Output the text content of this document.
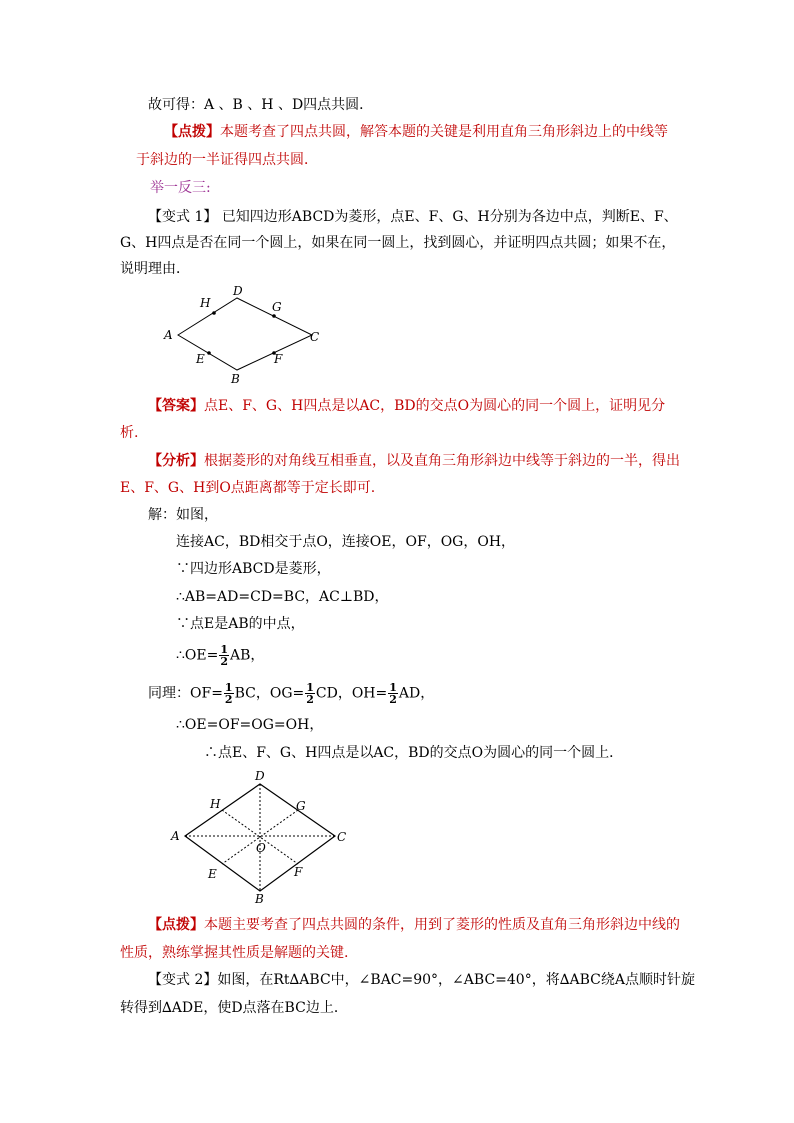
故可得：A 、B 、H 、D四点共圆．
【点拨】本题考查了四点共圆，解答本题的关键是利用直角三角形斜边上的中线等
于斜边的一半证得四点共圆．
举一反三:
【变式 1】 已知四边形ABCD为菱形，点E、F、G、H分别为各边中点，判断E、F、
G、H四点是否在同一个圆上，如果在同一圆上，找到圆心，并证明四点共圆；如果不在，
说明理由．
A
D
C
B
H	G
E	F
【答案】点E、F、G、H四点是以AC，BD的交点O为圆心的同一个圆上，证明见分
析.
【分析】根据菱形的对角线互相垂直，以及直角三角形斜边中线等于斜边的一半，得出
E、F、G、H到O点距离都等于定长即可.
解：如图，
连接AC，BD相交于点O，连接OE，OF，OG，OH，
∵四边形ABCD是菱形，
∴AB=AD=CD=BC，AC⊥BD，
∵点E是AB的中点，
∴OE= $\frac{1}{2}$ AB，
同理：$OF= \frac{1}{2}$ BC，$OG= \frac{1}{2}$ CD，$OH= \frac{1}{2}$ AD，
∴OE=OF=OG=OH，
∴点E、F、G、H四点是以AC，BD的交点O为圆心的同一个圆上．
A
D
C
B
H	G
E	F
O
【点拨】本题主要考查了四点共圆的条件，用到了菱形的性质及直角三角形斜边中线的
性质，熟练掌握其性质是解题的关键.
【变式 2】如图，在Rt∆ABC中，∠BAC=90°，∠ABC=40°，将∆ABC绕A点顺时针旋
转得到∆ADE，使D点落在BC边上．
